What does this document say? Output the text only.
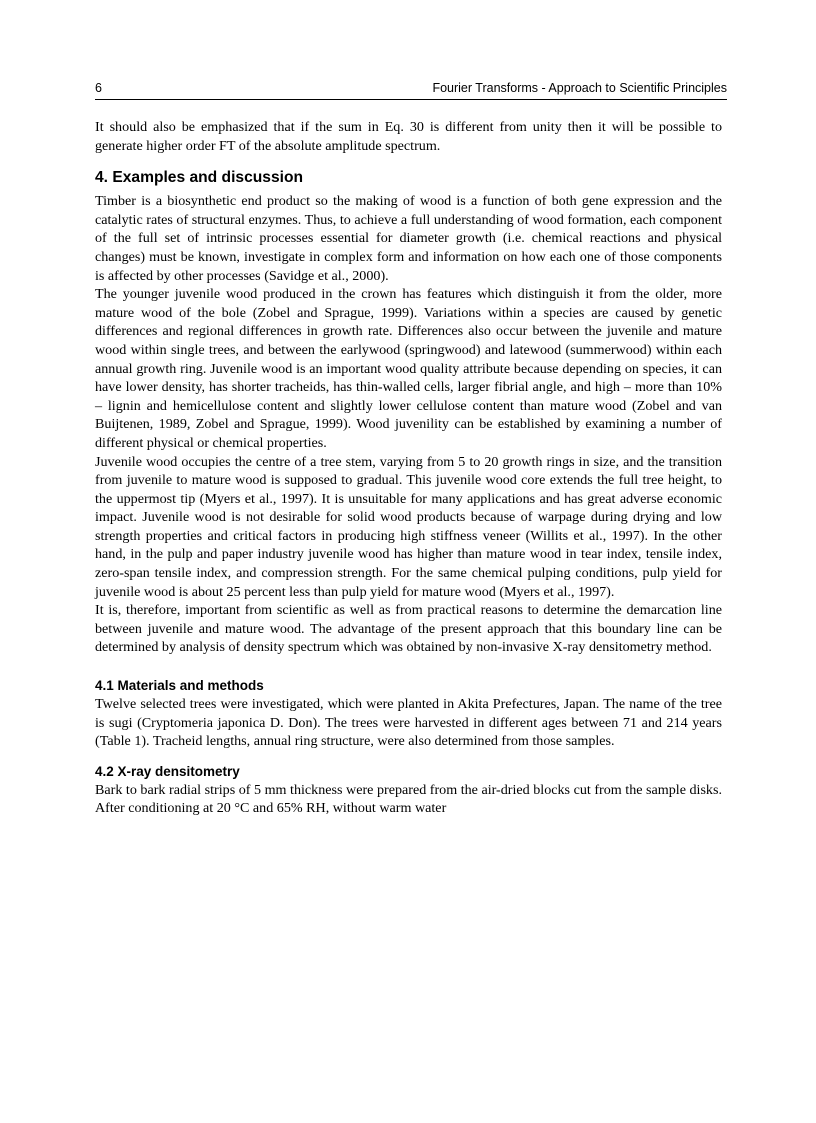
6	Fourier Transforms - Approach to Scientific Principles

It should also be emphasized that if the sum in Eq. 30 is different from unity then it will be possible to generate higher order FT of the absolute amplitude spectrum.

4. Examples and discussion

Timber is a biosynthetic end product so the making of wood is a function of both gene expression and the catalytic rates of structural enzymes. Thus, to achieve a full understanding of wood formation, each component of the full set of intrinsic processes essential for diameter growth (i.e. chemical reactions and physical changes) must be known, investigate in complex form and information on how each one of those components is affected by other processes (Savidge et al., 2000).

The younger juvenile wood produced in the crown has features which distinguish it from the older, more mature wood of the bole (Zobel and Sprague, 1999). Variations within a species are caused by genetic differences and regional differences in growth rate. Differences also occur between the juvenile and mature wood within single trees, and between the earlywood (springwood) and latewood (summerwood) within each annual growth ring. Juvenile wood is an important wood quality attribute because depending on species, it can have lower density, has shorter tracheids, has thin-walled cells, larger fibrial angle, and high – more than 10% – lignin and hemicellulose content and slightly lower cellulose content than mature wood (Zobel and van Buijtenen, 1989, Zobel and Sprague, 1999). Wood juvenility can be established by examining a number of different physical or chemical properties.

Juvenile wood occupies the centre of a tree stem, varying from 5 to 20 growth rings in size, and the transition from juvenile to mature wood is supposed to gradual. This juvenile wood core extends the full tree height, to the uppermost tip (Myers et al., 1997). It is unsuitable for many applications and has great adverse economic impact. Juvenile wood is not desirable for solid wood products because of warpage during drying and low strength properties and critical factors in producing high stiffness veneer (Willits et al., 1997). In the other hand, in the pulp and paper industry juvenile wood has higher than mature wood in tear index, tensile index, zero-span tensile index, and compression strength. For the same chemical pulping conditions, pulp yield for juvenile wood is about 25 percent less than pulp yield for mature wood (Myers et al., 1997).

It is, therefore, important from scientific as well as from practical reasons to determine the demarcation line between juvenile and mature wood. The advantage of the present approach that this boundary line can be determined by analysis of density spectrum which was obtained by non-invasive X-ray densitometry method.

4.1 Materials and methods

Twelve selected trees were investigated, which were planted in Akita Prefectures, Japan. The name of the tree is sugi (Cryptomeria japonica D. Don). The trees were harvested in different ages between 71 and 214 years (Table 1). Tracheid lengths, annual ring structure, were also determined from those samples.

4.2 X-ray densitometry

Bark to bark radial strips of 5 mm thickness were prepared from the air-dried blocks cut from the sample disks. After conditioning at 20 °C and 65% RH, without warm water
